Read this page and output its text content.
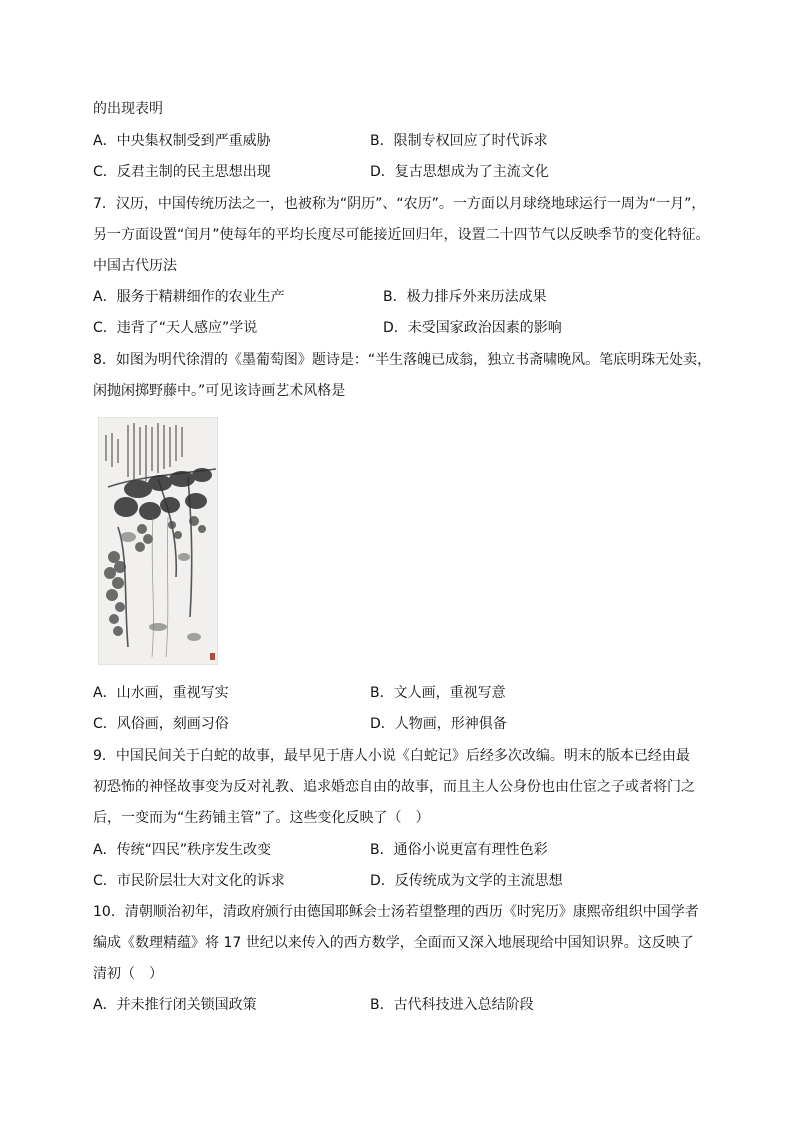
的出现表明
A．中央集权制受到严重威胁	B．限制专权回应了时代诉求
C．反君主制的民主思想出现	D．复古思想成为了主流文化
7．汉历，中国传统历法之一，也被称为“阴历”、“农历”。一方面以月球绕地球运行一周为“一月”，
另一方面设置“闰月”使每年的平均长度尽可能接近回归年，设置二十四节气以反映季节的变化特征。
中国古代历法
A．服务于精耕细作的农业生产	B．极力排斥外来历法成果
C．违背了“天人感应”学说	D．未受国家政治因素的影响
8．如图为明代徐渭的《墨葡萄图》题诗是：“半生落魄已成翁，独立书斋啸晚风。笔底明珠无处卖，
闲抛闲掷野藤中。”可见该诗画艺术风格是
A．山水画，重视写实	B．文人画，重视写意
C．风俗画，刻画习俗	D．人物画，形神俱备
9．中国民间关于白蛇的故事，最早见于唐人小说《白蛇记》后经多次改编。明末的版本已经由最
初恐怖的神怪故事变为反对礼教、追求婚恋自由的故事，而且主人公身份也由仕宦之子或者将门之
后，一变而为“生药铺主管”了。这些变化反映了（　）
A．传统“四民”秩序发生改变	B．通俗小说更富有理性色彩
C．市民阶层壮大对文化的诉求	D．反传统成为文学的主流思想
10．清朝顺治初年，清政府颁行由德国耶稣会士汤若望整理的西历《时宪历》康熙帝组织中国学者
编成《数理精蕴》将 17 世纪以来传入的西方数学，全面而又深入地展现给中国知识界。这反映了
清初（　）
A．并未推行闭关锁国政策	B．古代科技进入总结阶段
